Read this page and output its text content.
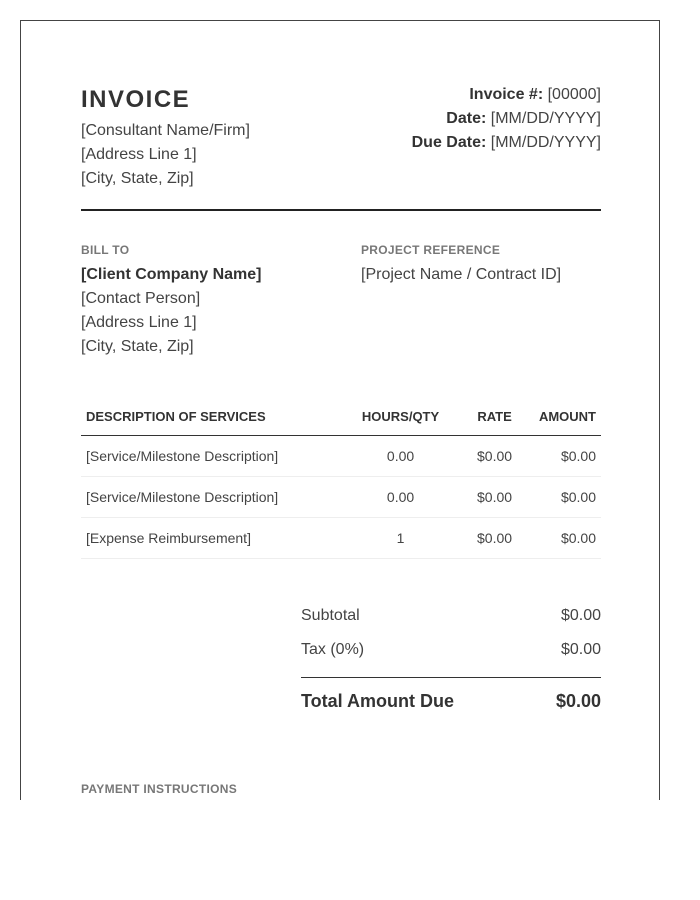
INVOICE
[Consultant Name/Firm]
[Address Line 1]
[City, State, Zip]
Invoice #: [00000]
Date: [MM/DD/YYYY]
Due Date: [MM/DD/YYYY]
BILL TO
[Client Company Name]
[Contact Person]
[Address Line 1]
[City, State, Zip]
PROJECT REFERENCE
[Project Name / Contract ID]
DESCRIPTION OF SERVICES	HOURS/QTY	RATE	AMOUNT
[Service/Milestone Description]	0.00	$0.00	$0.00
[Service/Milestone Description]	0.00	$0.00	$0.00
[Expense Reimbursement]	1	$0.00	$0.00
Subtotal	$0.00
Tax (0%)	$0.00
Total Amount Due	$0.00
PAYMENT INSTRUCTIONS
